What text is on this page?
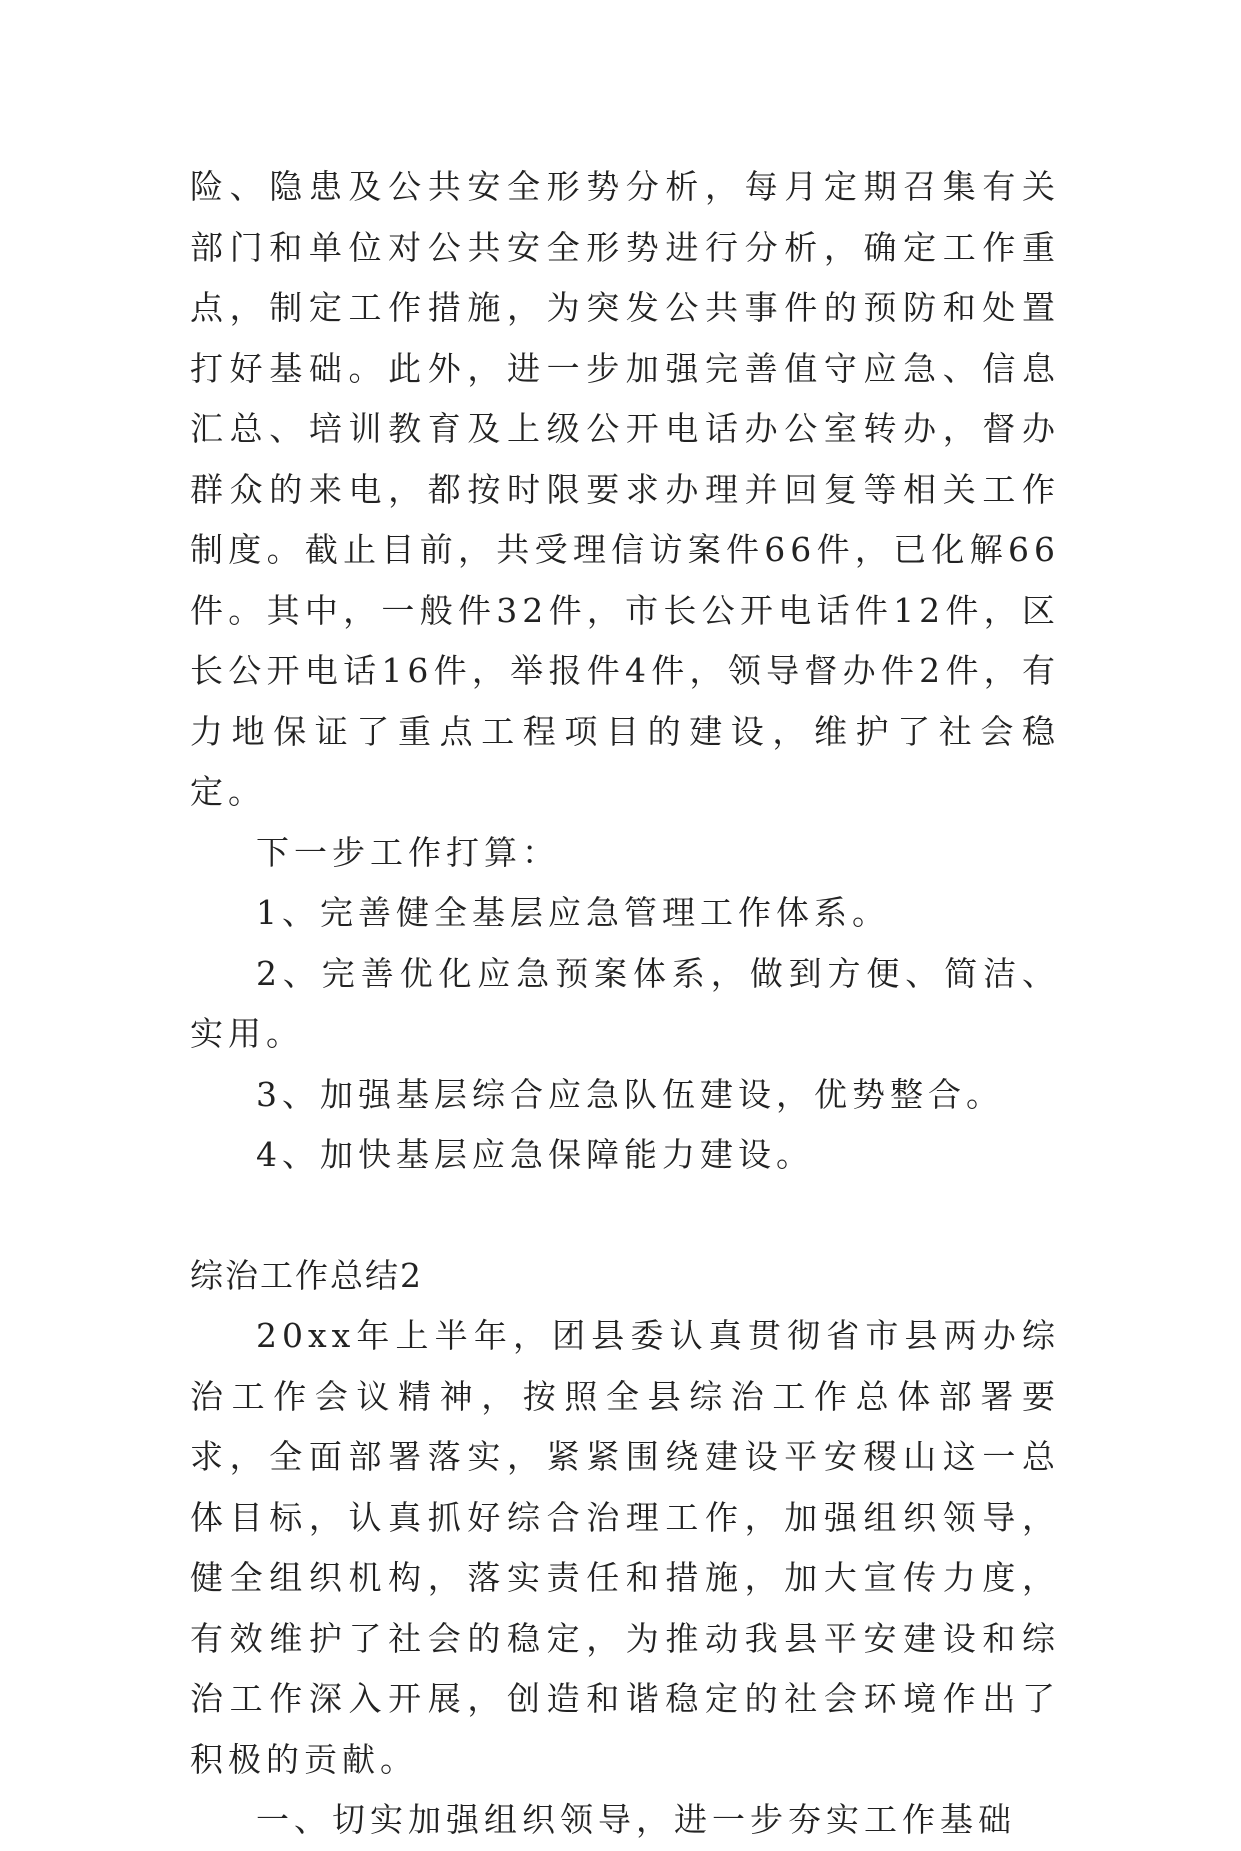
险、隐患及公共安全形势分析，每月定期召集有关部门和单位对公共安全形势进行分析，确定工作重点，制定工作措施，为突发公共事件的预防和处置打好基础。此外，进一步加强完善值守应急、信息汇总、培训教育及上级公开电话办公室转办，督办群众的来电，都按时限要求办理并回复等相关工作制度。截止目前，共受理信访案件66件，已化解66件。其中，一般件32件，市长公开电话件12件，区长公开电话16件，举报件4件，领导督办件2件，有力地保证了重点工程项目的建设，维护了社会稳定。

下一步工作打算：

1、完善健全基层应急管理工作体系。

2、完善优化应急预案体系，做到方便、简洁、实用。

3、加强基层综合应急队伍建设，优势整合。

4、加快基层应急保障能力建设。

综治工作总结2

20xx年上半年，团县委认真贯彻省市县两办综治工作会议精神，按照全县综治工作总体部署要求，全面部署落实，紧紧围绕建设平安稷山这一总体目标，认真抓好综合治理工作，加强组织领导，健全组织机构，落实责任和措施，加大宣传力度，有效维护了社会的稳定，为推动我县平安建设和综治工作深入开展，创造和谐稳定的社会环境作出了积极的贡献。

一、切实加强组织领导，进一步夯实工作基础
